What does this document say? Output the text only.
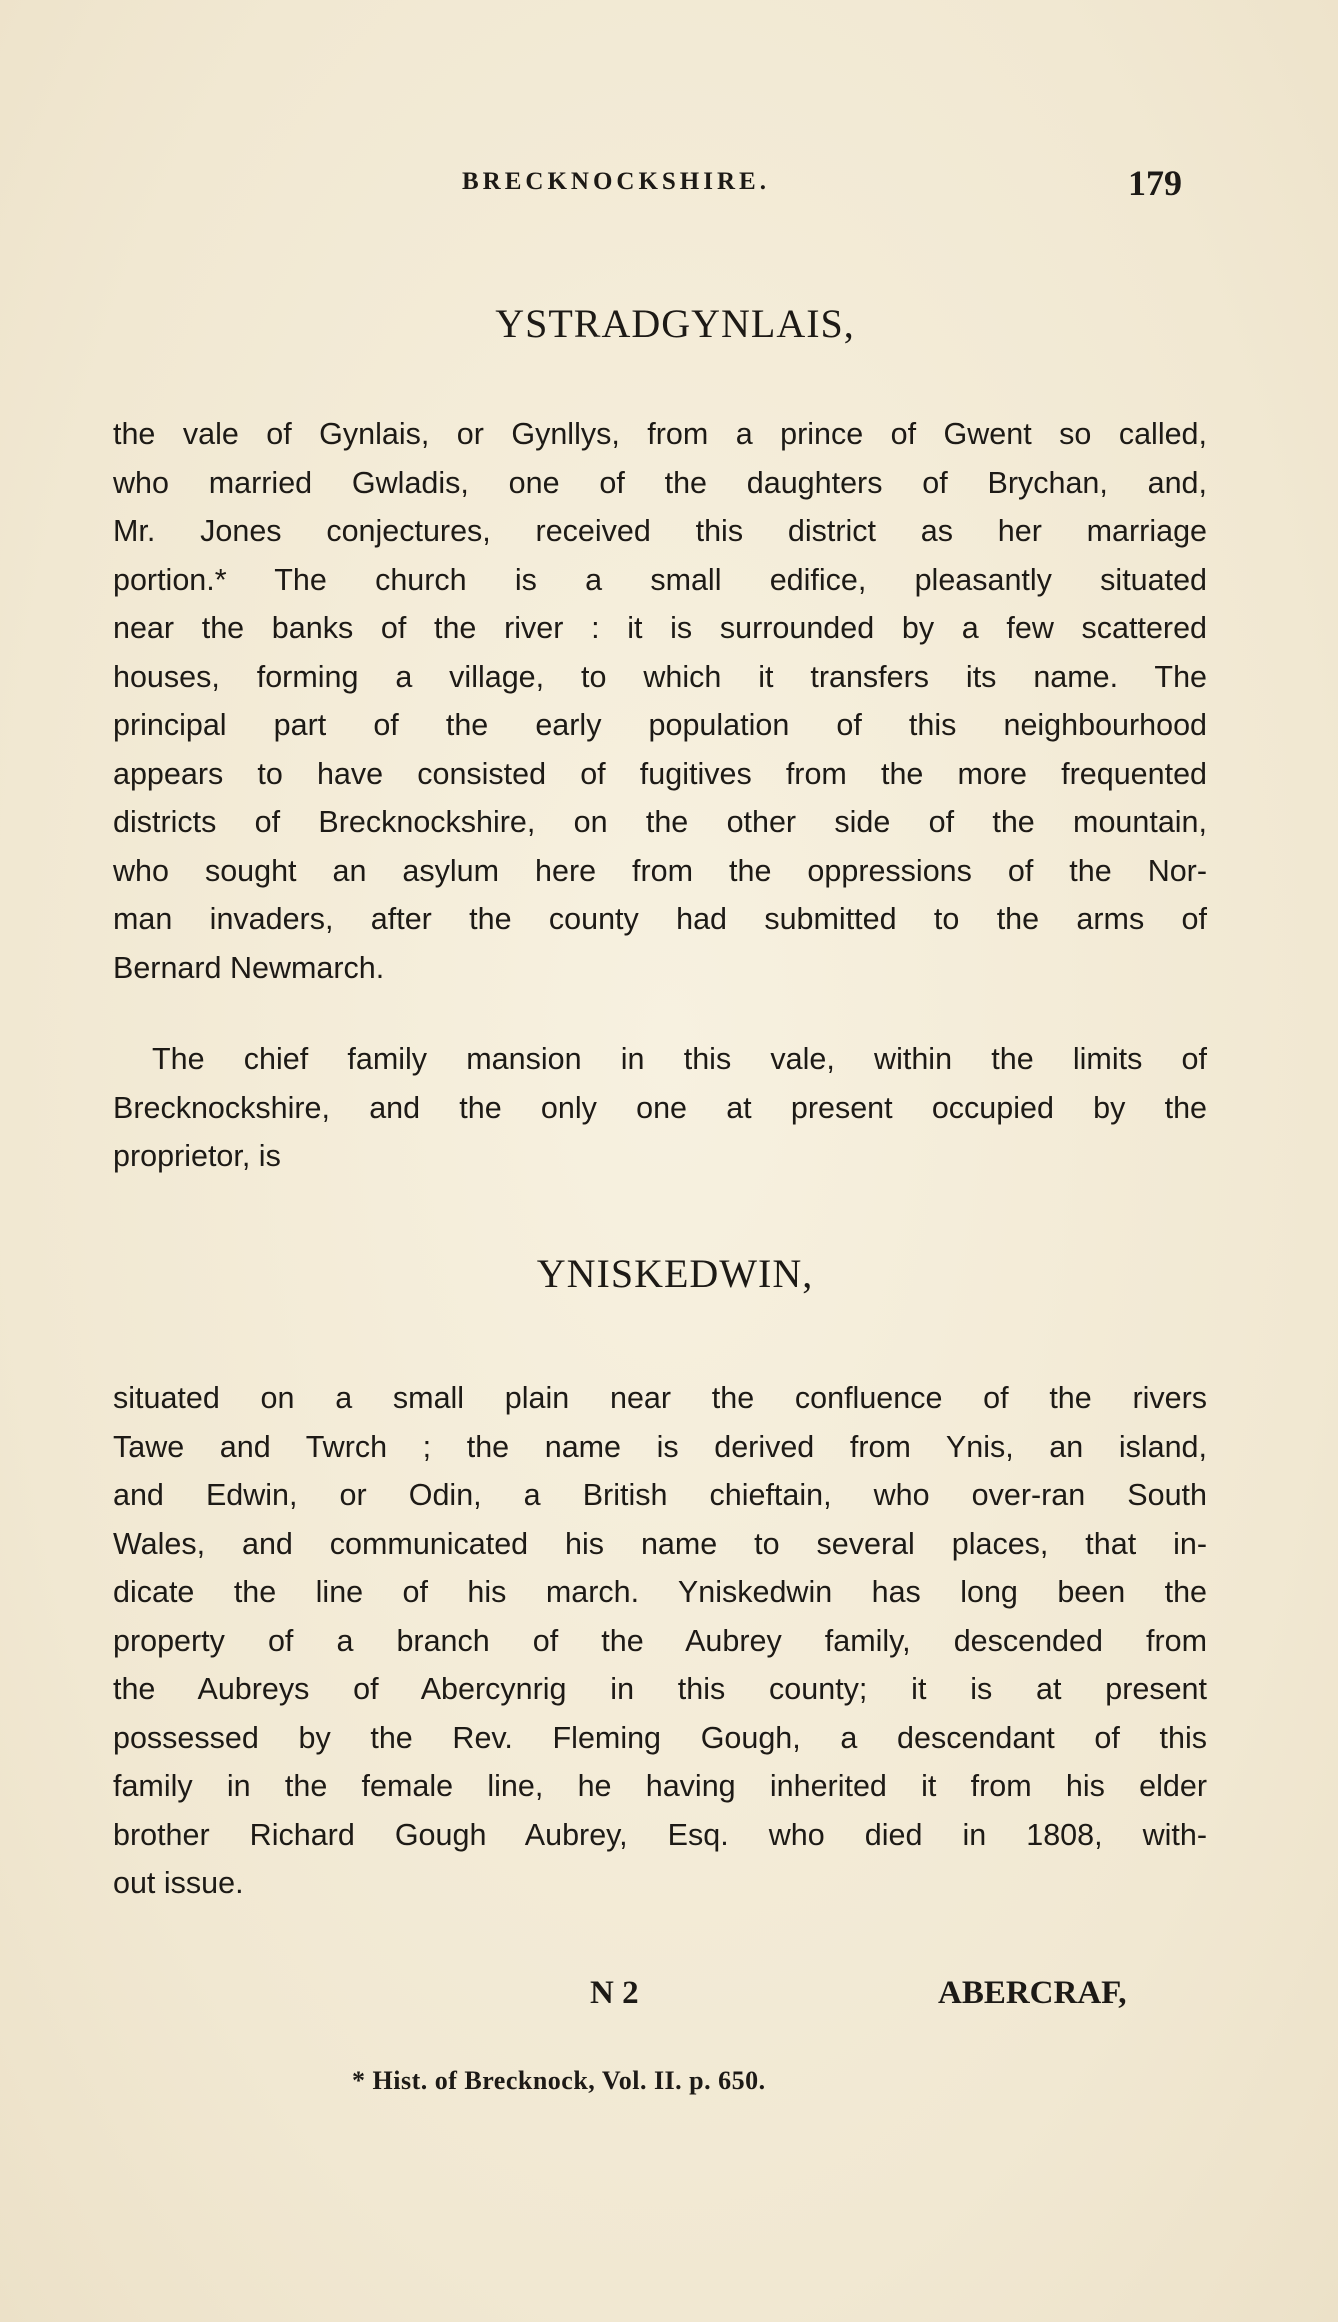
BRECKNOCKSHIRE.	179
YSTRADGYNLAIS,
the vale of Gynlais, or Gynllys, from a prince of Gwent so called,
who married Gwladis, one of the daughters of Brychan, and,
Mr. Jones conjectures, received this district as her marriage
portion.* The church is a small edifice, pleasantly situated
near the banks of the river : it is surrounded by a few scattered
houses, forming a village, to which it transfers its name. The
principal part of the early population of this neighbourhood
appears to have consisted of fugitives from the more frequented
districts of Brecknockshire, on the other side of the mountain,
who sought an asylum here from the oppressions of the Nor-
man invaders, after the county had submitted to the arms of
Bernard Newmarch.
The chief family mansion in this vale, within the limits of
Brecknockshire, and the only one at present occupied by the
proprietor, is
YNISKEDWIN,
situated on a small plain near the confluence of the rivers
Tawe and Twrch ; the name is derived from Ynis, an island,
and Edwin, or Odin, a British chieftain, who over-ran South
Wales, and communicated his name to several places, that in-
dicate the line of his march. Yniskedwin has long been the
property of a branch of the Aubrey family, descended from
the Aubreys of Abercynrig in this county; it is at present
possessed by the Rev. Fleming Gough, a descendant of this
family in the female line, he having inherited it from his elder
brother Richard Gough Aubrey, Esq. who died in 1808, with-
out issue.
N 2	ABERCRAF,
* Hist. of Brecknock, Vol. II. p. 650.
